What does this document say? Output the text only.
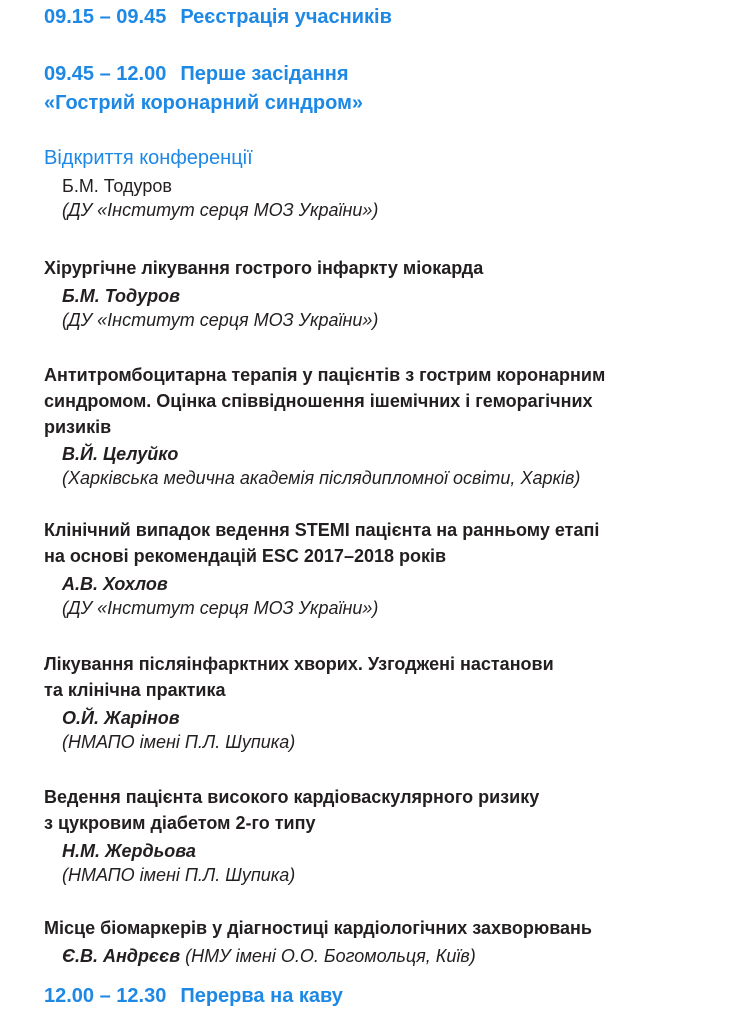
09.15 – 09.45 Реєстрація учасників
09.45 – 12.00 Перше засідання
«Гострий коронарний синдром»
Відкриття конференції
Б.М. Тодуров
(ДУ «Інститут серця МОЗ України»)
Хірургічне лікування гострого інфаркту міокарда
Б.М. Тодуров
(ДУ «Інститут серця МОЗ України»)
Антитромбоцитарна терапія у пацієнтів з гострим коронарним
синдромом. Оцінка співвідношення ішемічних і геморагічних
ризиків
В.Й. Целуйко
(Харківська медична академія післядипломної освіти, Харків)
Клінічний випадок ведення STEMI пацієнта на ранньому етапі
на основі рекомендацій ESC 2017–2018 років
А.В. Хохлов
(ДУ «Інститут серця МОЗ України»)
Лікування післяінфарктних хворих. Узгоджені настанови
та клінічна практика
О.Й. Жарінов
(НМАПО імені П.Л. Шупика)
Ведення пацієнта високого кардіоваскулярного ризику
з цукровим діабетом 2-го типу
Н.М. Жердьова
(НМАПО імені П.Л. Шупика)
Місце біомаркерів у діагностиці кардіологічних захворювань
Є.В. Андрєєв (НМУ імені О.О. Богомольця, Київ)
12.00 – 12.30 Перерва на каву
